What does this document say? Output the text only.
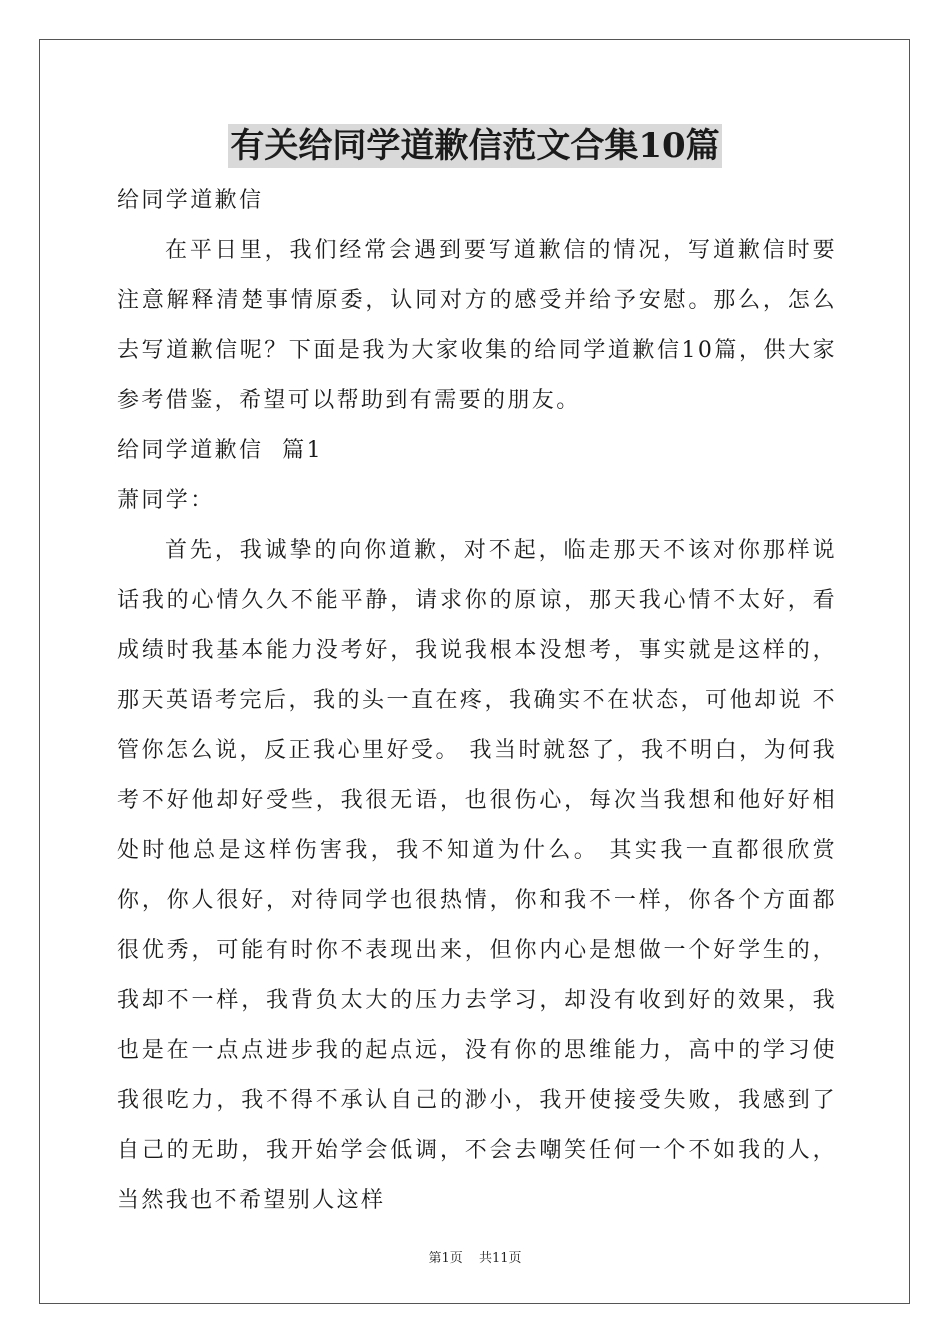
有关给同学道歉信范文合集10篇

给同学道歉信

在平日里，我们经常会遇到要写道歉信的情况，写道歉信时要注意解释清楚事情原委，认同对方的感受并给予安慰。那么，怎么去写道歉信呢？下面是我为大家收集的给同学道歉信10篇，供大家参考借鉴，希望可以帮助到有需要的朋友。

给同学道歉信  篇1

萧同学：

首先，我诚挚的向你道歉，对不起，临走那天不该对你那样说话我的心情久久不能平静，请求你的原谅，那天我心情不太好，看成绩时我基本能力没考好，我说我根本没想考，事实就是这样的，那天英语考完后，我的头一直在疼，我确实不在状态，可他却说 不管你怎么说，反正我心里好受。 我当时就怒了，我不明白，为何我考不好他却好受些，我很无语，也很伤心，每次当我想和他好好相处时他总是这样伤害我，我不知道为什么。 其实我一直都很欣赏你，你人很好，对待同学也很热情，你和我不一样，你各个方面都很优秀，可能有时你不表现出来，但你内心是想做一个好学生的，我却不一样，我背负太大的压力去学习，却没有收到好的效果，我也是在一点点进步我的起点远，没有你的思维能力，高中的学习使我很吃力，我不得不承认自己的渺小，我开使接受失败，我感到了自己的无助，我开始学会低调，不会去嘲笑任何一个不如我的人，当然我也不希望别人这样

第1页 共11页
